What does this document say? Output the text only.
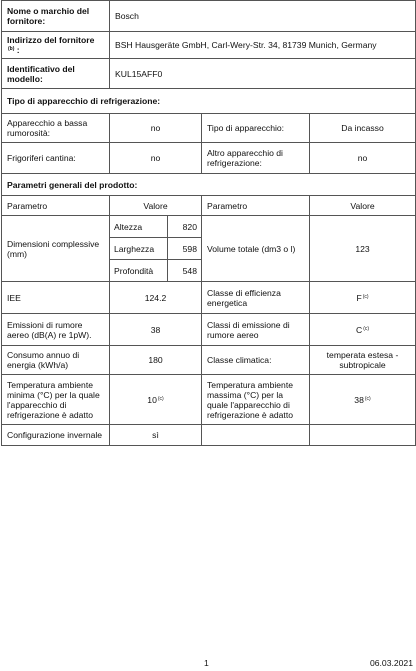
Nome o marchio del fornitore:	Bosch
Indirizzo del fornitore $^{(b)}$ :	BSH Hausgeräte GmbH, Carl-Wery-Str. 34, 81739 Munich, Germany
Identificativo del modello:	KUL15AFF0
Tipo di apparecchio di refrigerazione:
Apparecchio a bassa rumorosità:	no	Tipo di apparecchio:	Da incasso
Frigoriferi cantina:	no	Altro apparecchio di refrigerazione:	no
Parametri generali del prodotto:
Parametro	Valore	Parametro	Valore
Dimensioni complessive (mm)	
Altezza	820
Larghezza	598
Profondità	548
	Volume totale (dm3 o l)	123
IEE	124.2	Classe di efficienza energetica	$F^{(c)}$
Emissioni di rumore aereo (dB(A) re 1pW).	38	Classi di emissione di rumore aereo	$C^{(c)}$
Consumo annuo di energia (kWh/a)	180	Classe climatica:	temperata estesa - subtropicale
Temperatura ambiente minima (°C) per la quale l'apparecchio di refrigerazione è adatto	10$^{(c)}$	Temperatura ambiente massima (°C) per la quale l'apparecchio di refrigerazione è adatto	38$^{(c)}$
Configurazione invernale	sì		
1	06.03.2021
